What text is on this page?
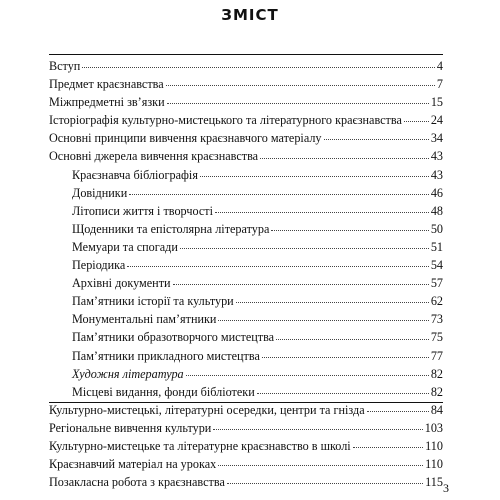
ЗМІСТ
Вступ	4
Предмет краєзнавства	7
Міжпредметні зв’язки	15
Історіографія культурно-мистецького та літературного краєзнавства 24
Основні принципи вивчення краєзнавчого матеріалу	34
Основні джерела вивчення краєзнавства	43
Краєзнавча бібліографія	43
Довідники	46
Літописи життя і творчості	48
Щоденники та епістолярна література	50
Мемуари та спогади	51
Періодика	54
Архівні документи	57
Пам’ятники історії та культури	62
Монументальні пам’ятники	73
Пам’ятники образотворчого мистецтва	75
Пам’ятники прикладного мистецтва	77
Художня література	82
Місцеві видання, фонди бібліотеки	82
Культурно-мистецькі, літературні осередки, центри та гнізда	84
Регіональне вивчення культури	103
Культурно-мистецьке та літературне краєзнавство в школі	110
Краєзнавчий матеріал на уроках	110
Позакласна робота з краєзнавства	115 3
